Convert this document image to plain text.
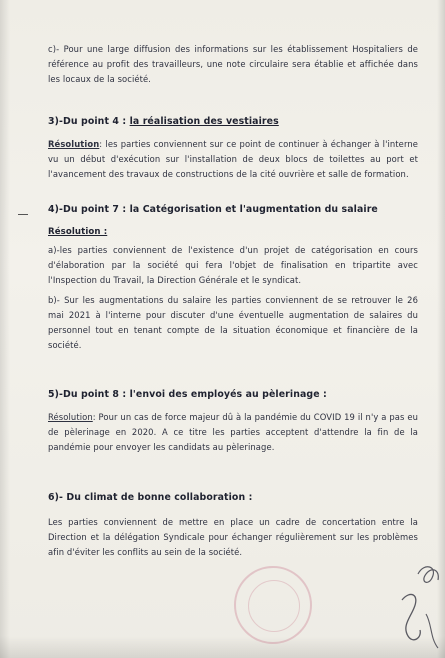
c)- Pour une large diffusion des informations sur les établissement Hospitaliers de référence au profit des travailleurs, une note circulaire sera établie et affichée dans les locaux de la société.

3)-Du point 4 : la réalisation des vestiaires

Résolution: les parties conviennent sur ce point de continuer à échanger à l'interne vu un début d'exécution sur l'installation de deux blocs de toilettes au port et l'avancement des travaux de constructions de la cité ouvrière et salle de formation.

4)-Du point 7 : la Catégorisation et l'augmentation du salaire

Résolution :

a)-les parties conviennent de l'existence d'un projet de catégorisation en cours d'élaboration par la société qui fera l'objet de finalisation en tripartite avec l'Inspection du Travail, la Direction Générale et le syndicat.

b)- Sur les augmentations du salaire les parties conviennent de se retrouver le 26 mai 2021 à l'interne pour discuter d'une éventuelle augmentation de salaires du personnel tout en tenant compte de la situation économique et financière de la société.

5)-Du point 8 : l'envoi des employés au pèlerinage :

Résolution: Pour un cas de force majeur dû à la pandémie du COVID 19 il n'y a pas eu de pèlerinage en 2020. A ce titre les parties acceptent d'attendre la fin de la pandémie pour envoyer les candidats au pèlerinage.

6)- Du climat de bonne collaboration :

Les parties conviennent de mettre en place un cadre de concertation entre la Direction et la délégation Syndicale pour échanger régulièrement sur les problèmes afin d'éviter les conflits au sein de la société.
